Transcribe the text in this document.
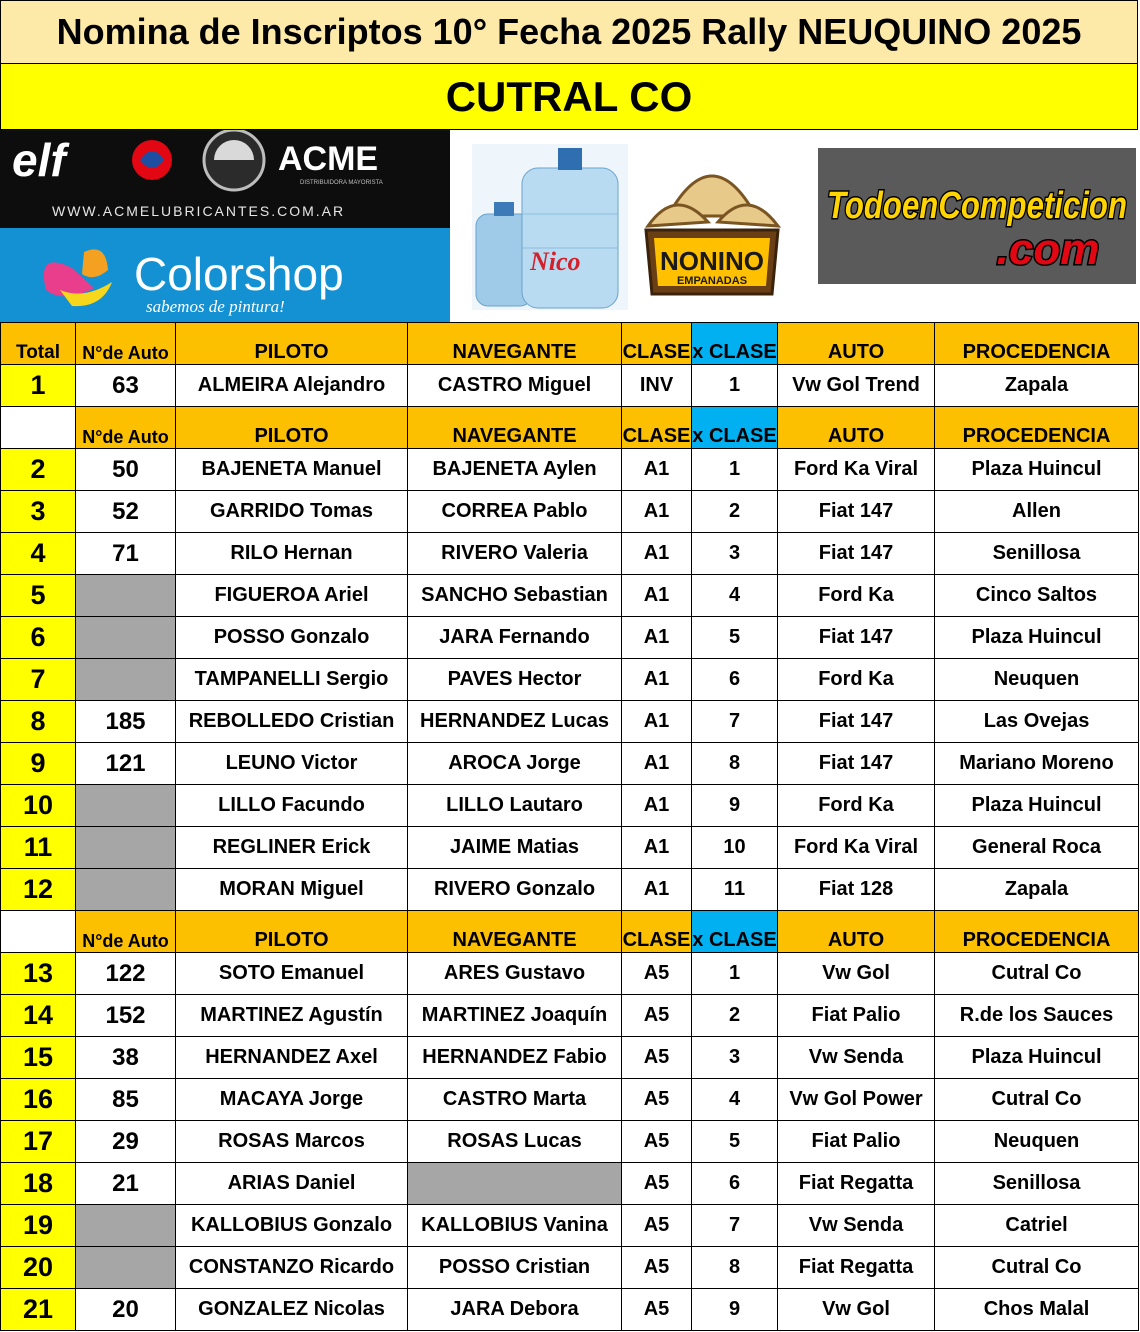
Nomina de Inscriptos 10° Fecha 2025 Rally NEUQUINO 2025
CUTRAL CO
elf	ACME
DISTRIBUIDORA MAYORISTA
WWW.ACMELUBRICANTES.COM.AR
Colorshop
sabemos de pintura!
Nico	NONINO
EMPANADAS
TodoenCompeticion
.com
Total	N°de Auto	PILOTO	NAVEGANTE	CLASE	x CLASE	AUTO	PROCEDENCIA
1	63	ALMEIRA Alejandro	CASTRO Miguel	INV	1	Vw Gol Trend	Zapala
	N°de Auto	PILOTO	NAVEGANTE	CLASE	x CLASE	AUTO	PROCEDENCIA
2	50	BAJENETA Manuel	BAJENETA Aylen	A1	1	Ford Ka Viral	Plaza Huincul
3	52	GARRIDO Tomas	CORREA Pablo	A1	2	Fiat 147	Allen
4	71	RILO Hernan	RIVERO Valeria	A1	3	Fiat 147	Senillosa
5		FIGUEROA Ariel	SANCHO Sebastian	A1	4	Ford Ka	Cinco Saltos
6		POSSO Gonzalo	JARA Fernando	A1	5	Fiat 147	Plaza Huincul
7		TAMPANELLI Sergio	PAVES Hector	A1	6	Ford Ka	Neuquen
8	185	REBOLLEDO Cristian	HERNANDEZ Lucas	A1	7	Fiat 147	Las Ovejas
9	121	LEUNO Victor	AROCA Jorge	A1	8	Fiat 147	Mariano Moreno
10		LILLO Facundo	LILLO Lautaro	A1	9	Ford Ka	Plaza Huincul
11		REGLINER Erick	JAIME Matias	A1	10	Ford Ka Viral	General Roca
12		MORAN Miguel	RIVERO Gonzalo	A1	11	Fiat 128	Zapala
	N°de Auto	PILOTO	NAVEGANTE	CLASE	x CLASE	AUTO	PROCEDENCIA
13	122	SOTO Emanuel	ARES Gustavo	A5	1	Vw Gol	Cutral Co
14	152	MARTINEZ Agustín	MARTINEZ Joaquín	A5	2	Fiat Palio	R.de los Sauces
15	38	HERNANDEZ Axel	HERNANDEZ Fabio	A5	3	Vw Senda	Plaza Huincul
16	85	MACAYA Jorge	CASTRO Marta	A5	4	Vw Gol Power	Cutral Co
17	29	ROSAS Marcos	ROSAS Lucas	A5	5	Fiat Palio	Neuquen
18	21	ARIAS Daniel		A5	6	Fiat Regatta	Senillosa
19		KALLOBIUS Gonzalo	KALLOBIUS Vanina	A5	7	Vw Senda	Catriel
20		CONSTANZO Ricardo	POSSO Cristian	A5	8	Fiat Regatta	Cutral Co
21	20	GONZALEZ Nicolas	JARA Debora	A5	9	Vw Gol	Chos Malal
